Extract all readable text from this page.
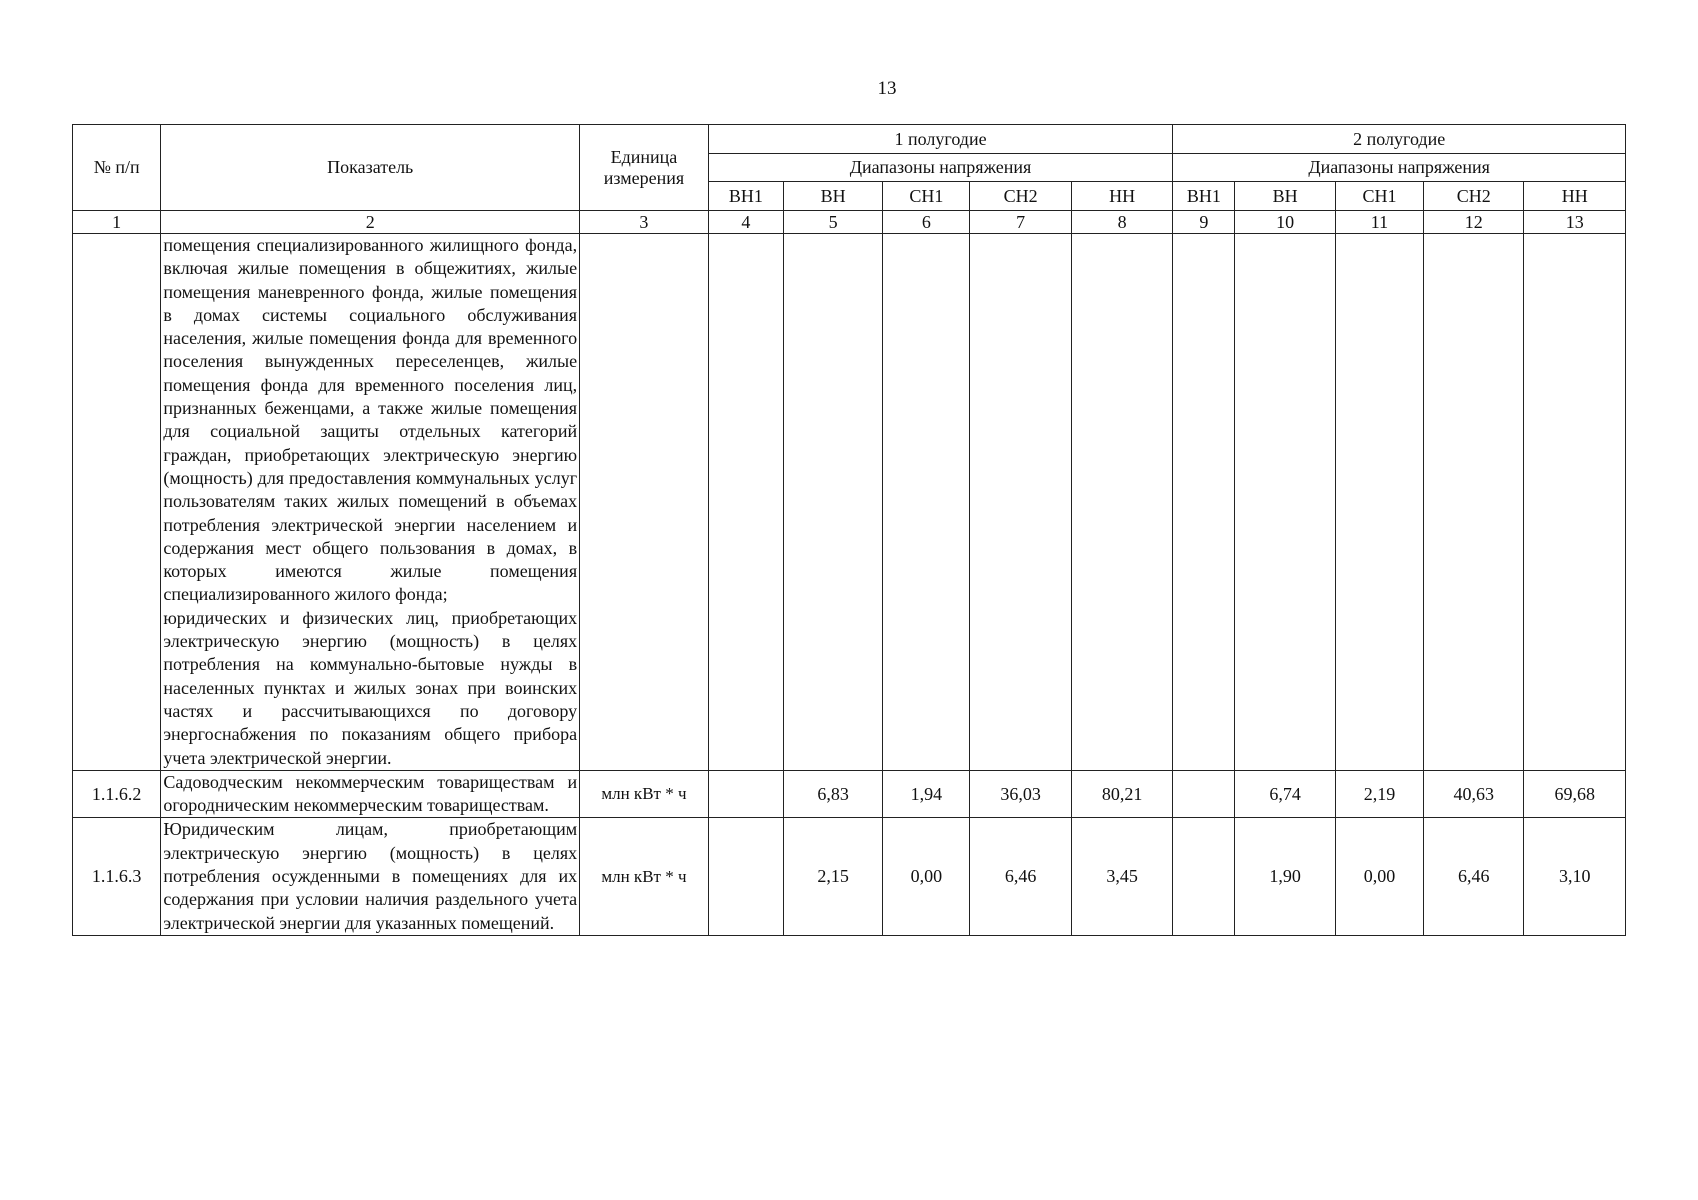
13
№ п/п	Показатель	Единица измерения	1 полугодие					2 полугодие				
			Диапазоны напряжения					Диапазоны напряжения				
			ВН1	ВН	СН1	СН2	НН	ВН1	ВН	СН1	СН2	НН
1	2	3	4	5	6	7	8	9	10	11	12	13

	помещения специализированного жилищного фонда, включая жилые помещения в общежитиях, жилые помещения маневренного фонда, жилые помещения в домах системы социального обслуживания населения, жилые помещения фонда для временного поселения вынужденных переселенцев, жилые помещения фонда для временного поселения лиц, признанных беженцами, а также жилые помещения для социальной защиты отдельных категорий граждан, приобретающих электрическую энергию (мощность) для предоставления коммунальных услуг пользователям таких жилых помещений в объемах потребления электрической энергии населением и содержания мест общего пользования в домах, в которых имеются жилые помещения специализированного жилого фонда;

юридических и физических лиц, приобретающих электрическую энергию (мощность) в целях потребления на коммунально-бытовые нужды в населенных пунктах и жилых зонах при воинских частях и рассчитывающихся по договору энергоснабжения по показаниям общего прибора учета электрической энергии.											

1.1.6.2	Садоводческим некоммерческим товариществам и огородническим некоммерческим товариществам.	млн кВт * ч		6,83	1,94	36,03	80,21		6,74	2,19	40,63	69,68
1.1.6.3	Юридическим лицам, приобретающим электрическую энергию (мощность) в целях потребления осужденными в помещениях для их содержания при условии наличия раздельного учета электрической энергии для указанных помещений.	млн кВт * ч		2,15	0,00	6,46	3,45		1,90	0,00	6,46	3,10
